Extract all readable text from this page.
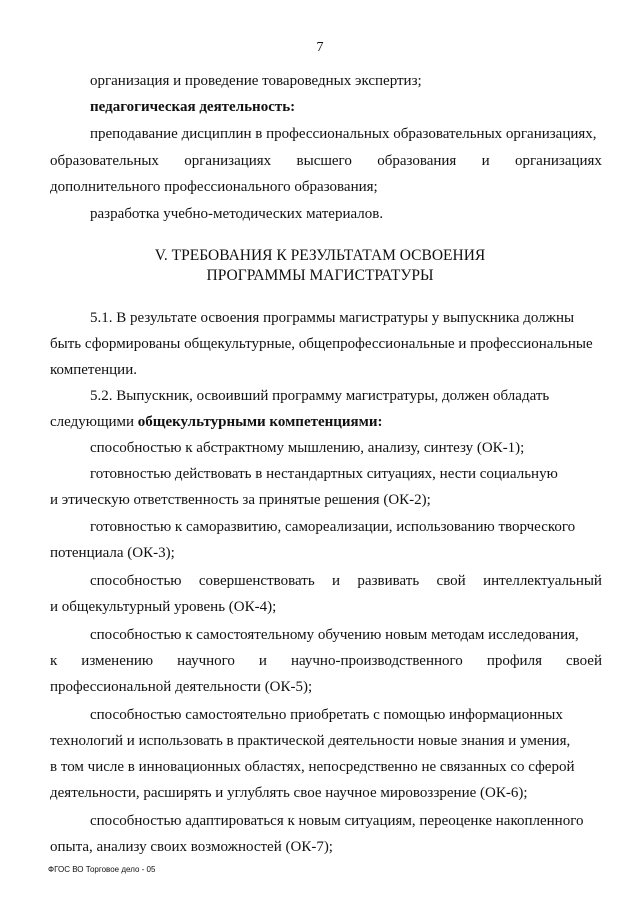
7
организация и проведение товароведных экспертиз;
педагогическая деятельность:
преподавание дисциплин в профессиональных образовательных организациях,
образовательных организациях высшего образования и организациях
дополнительного профессионального образования;
разработка учебно-методических материалов.
V. ТРЕБОВАНИЯ К РЕЗУЛЬТАТАМ ОСВОЕНИЯ
ПРОГРАММЫ МАГИСТРАТУРЫ
5.1. В результате освоения программы магистратуры у выпускника должны
быть сформированы общекультурные, общепрофессиональные и профессиональные
компетенции.
5.2. Выпускник, освоивший программу магистратуры, должен обладать
следующими общекультурными компетенциями:
способностью к абстрактному мышлению, анализу, синтезу (ОК-1);
готовностью действовать в нестандартных ситуациях, нести социальную
и этическую ответственность за принятые решения (ОК-2);
готовностью к саморазвитию, самореализации, использованию творческого
потенциала (ОК-3);
способностью совершенствовать и развивать свой интеллектуальный
и общекультурный уровень (ОК-4);
способностью к самостоятельному обучению новым методам исследования,
к изменению научного и научно-производственного профиля своей
профессиональной деятельности (ОК-5);
способностью самостоятельно приобретать с помощью информационных
технологий и использовать в практической деятельности новые знания и умения,
в том числе в инновационных областях, непосредственно не связанных со сферой
деятельности, расширять и углублять свое научное мировоззрение (ОК-6);
способностью адаптироваться к новым ситуациям, переоценке накопленного
опыта, анализу своих возможностей (ОК-7);
ФГОС ВО Торговое дело - 05
